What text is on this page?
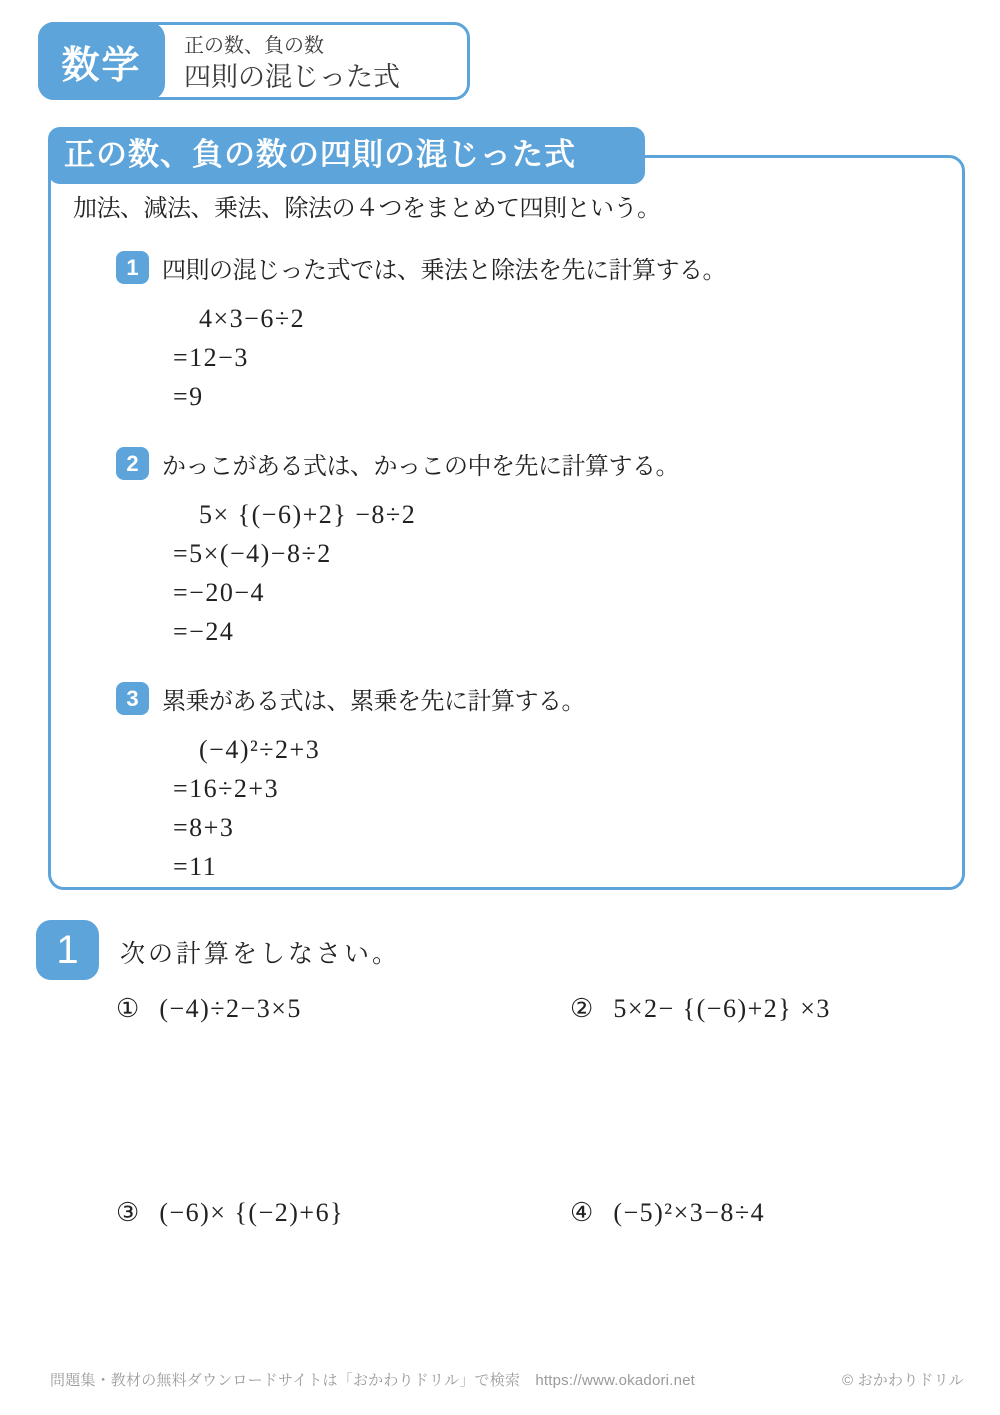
数学	正の数、負の数
四則の混じった式
正の数、負の数の四則の混じった式

加法、減法、乗法、除法の４つをまとめて四則という。

1 四則の混じった式では、乗法と除法を先に計算する。
4×3−6÷2
=12−3
=9
2 かっこがある式は、かっこの中を先に計算する。
5× {(−6)+2} −8÷2
=5×(−4)−8÷2
=−20−4
=−24
3 累乗がある式は、累乗を先に計算する。
(−4)²÷2+3
=16÷2+3
=8+3
=11
1	次の計算をしなさい。
① (−4)÷2−3×5	② 5×2− {(−6)+2} ×3
③ (−6)× {(−2)+6}	④ (−5)²×3−8÷4
問題集・教材の無料ダウンロードサイトは「おかわりドリル」で検索　https://www.okadori.net	© おかわりドリル
